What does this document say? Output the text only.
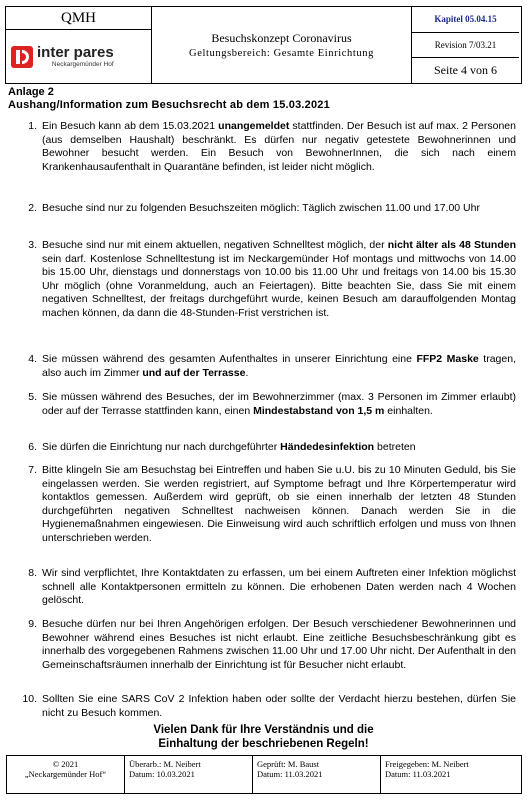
QMH
inter pares
Neckargemünder Hof
Besuchskonzept Coronavirus
Geltungsbereich: Gesamte Einrichtung
Kapitel 05.04.15
Revision 7/03.21
Seite 4 von 6
Anlage 2
Aushang/Information zum Besuchsrecht ab dem 15.03.2021
1. Ein Besuch kann ab dem 15.03.2021 unangemeldet stattfinden. Der Besuch ist auf max. 2 Personen (aus demselben Haushalt) beschränkt. Es dürfen nur negativ getestete Bewohnerinnen und Bewohner besucht werden. Ein Besuch von BewohnerInnen, die sich nach einem Krankenhausaufenthalt in Quarantäne befinden, ist leider nicht möglich.
2. Besuche sind nur zu folgenden Besuchszeiten möglich: Täglich zwischen 11.00 und 17.00 Uhr
3. Besuche sind nur mit einem aktuellen, negativen Schnelltest möglich, der nicht älter als 48 Stunden sein darf. Kostenlose Schnelltestung ist im Neckargemünder Hof montags und mittwochs von 14.00 bis 15.00 Uhr, dienstags und donnerstags von 10.00 bis 11.00 Uhr und freitags von 14.00 bis 15.30 Uhr möglich (ohne Voranmeldung, auch an Feiertagen). Bitte beachten Sie, dass Sie mit einem negativen Schnelltest, der freitags durchgeführt wurde, keinen Besuch am darauffolgenden Montag machen können, da dann die 48-Stunden-Frist verstrichen ist.
4. Sie müssen während des gesamten Aufenthaltes in unserer Einrichtung eine FFP2 Maske tragen, also auch im Zimmer und auf der Terrasse.
5. Sie müssen während des Besuches, der im Bewohnerzimmer (max. 3 Personen im Zimmer erlaubt) oder auf der Terrasse stattfinden kann, einen Mindestabstand von 1,5 m einhalten.
6. Sie dürfen die Einrichtung nur nach durchgeführter Händedesinfektion betreten
7. Bitte klingeln Sie am Besuchstag bei Eintreffen und haben Sie u.U. bis zu 10 Minuten Geduld, bis Sie eingelassen werden. Sie werden registriert, auf Symptome befragt und Ihre Körpertemperatur wird kontaktlos gemessen. Außerdem wird geprüft, ob sie einen innerhalb der letzten 48 Stunden durchgeführten negativen Schnelltest nachweisen können. Danach werden Sie in die Hygienemaßnahmen eingewiesen. Die Einweisung wird auch schriftlich erfolgen und muss von Ihnen unterschrieben werden.
8. Wir sind verpflichtet, Ihre Kontaktdaten zu erfassen, um bei einem Auftreten einer Infektion möglichst schnell alle Kontaktpersonen ermitteln zu können. Die erhobenen Daten werden nach 4 Wochen gelöscht.
9. Besuche dürfen nur bei Ihren Angehörigen erfolgen. Der Besuch verschiedener Bewohnerinnen und Bewohner während eines Besuches ist nicht erlaubt. Eine zeitliche Besuchsbeschränkung gibt es innerhalb des vorgegebenen Rahmens zwischen 11.00 Uhr und 17.00 Uhr nicht. Der Aufenthalt in den Gemeinschaftsräumen innerhalb der Einrichtung ist für Besucher nicht erlaubt.
10. Sollten Sie eine SARS CoV 2 Infektion haben oder sollte der Verdacht hierzu bestehen, dürfen Sie nicht zu Besuch kommen.
Vielen Dank für Ihre Verständnis und die
Einhaltung der beschriebenen Regeln!
© 2021
„Neckargemünder Hof“
Überarb.: M. Neibert
Datum: 10.03.2021
Geprüft: M. Baust
Datum: 11.03.2021
Freigegeben: M. Neibert
Datum: 11.03.2021
